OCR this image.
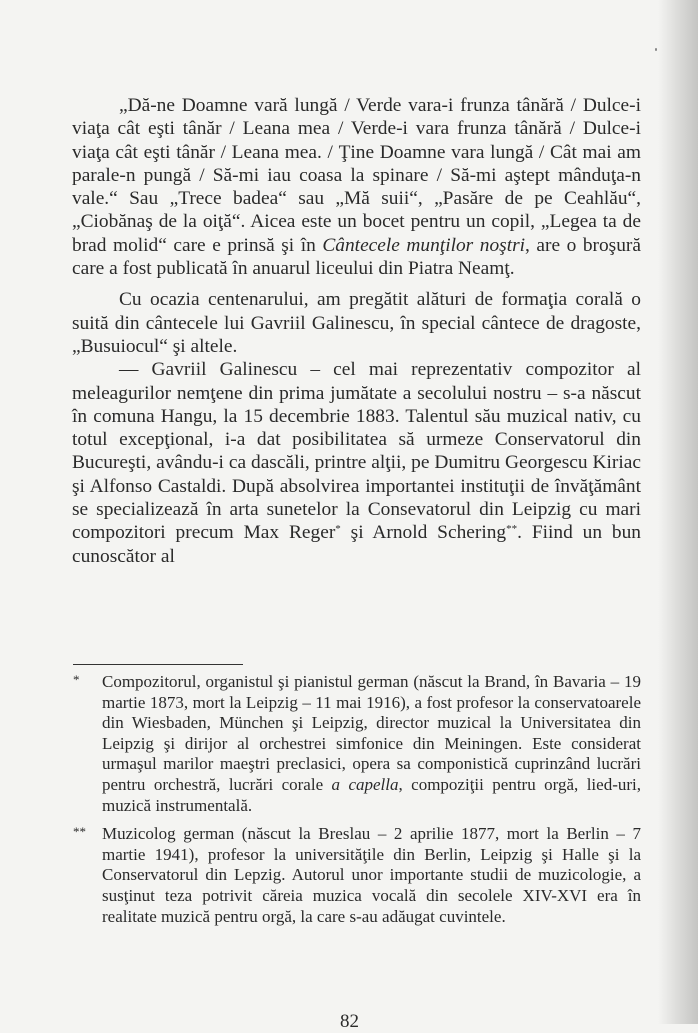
„Dă-ne Doamne vară lungă / Verde vara-i frunza tânără / Dulce-i viaţa cât eşti tânăr / Leana mea / Verde-i vara frunza tânără / Dulce-i viaţa cât eşti tânăr / Leana mea. / Ţine Doamne vara lungă / Cât mai am parale-n pungă / Să-mi iau coasa la spinare / Să-mi aştept mânduţa-n vale.“ Sau „Trece badea“ sau „Mă suii“, „Pasăre de pe Ceahlău“, „Ciobănaş de la oiţă“. Aicea este un bocet pentru un copil, „Legea ta de brad molid“ care e prinsă şi în Cântecele munţilor noştri, are o broşură care a fost publicată în anuarul liceului din Piatra Neamţ.

Cu ocazia centenarului, am pregătit alături de formaţia corală o suită din cântecele lui Gavriil Galinescu, în special cântece de dragoste, „Busuiocul“ şi altele.

— Gavriil Galinescu – cel mai reprezentativ compozitor al meleagurilor nemţene din prima jumătate a secolului nostru – s-a născut în comuna Hangu, la 15 decembrie 1883. Talentul său muzical nativ, cu totul excepţional, i-a dat posibilitatea să urmeze Conservatorul din Bucureşti, avându-i ca dascăli, printre alţii, pe Dumitru Georgescu Kiriac şi Alfonso Castaldi. După absolvirea importantei instituţii de învăţământ se specializează în arta sunetelor la Consevatorul din Leipzig cu mari compozitori precum Max Reger* şi Arnold Schering**. Fiind un bun cunoscător al

* Compozitorul, organistul şi pianistul german (născut la Brand, în Bavaria – 19 martie 1873, mort la Leipzig – 11 mai 1916), a fost profesor la conservatoarele din Wiesbaden, München şi Leipzig, director muzical la Universitatea din Leipzig şi dirijor al orchestrei simfonice din Meiningen. Este considerat urmaşul marilor maeştri preclasici, opera sa componistică cuprinzând lucrări pentru orchestră, lucrări corale a capella, compoziţii pentru orgă, lied-uri, muzică instrumentală.

** Muzicolog german (născut la Breslau – 2 aprilie 1877, mort la Berlin – 7 martie 1941), profesor la universităţile din Berlin, Leipzig şi Halle şi la Conservatorul din Lepzig. Autorul unor importante studii de muzicologie, a susţinut teza potrivit căreia muzica vocală din secolele XIV-XVI era în realitate muzică pentru orgă, la care s-au adăugat cuvintele.

82
